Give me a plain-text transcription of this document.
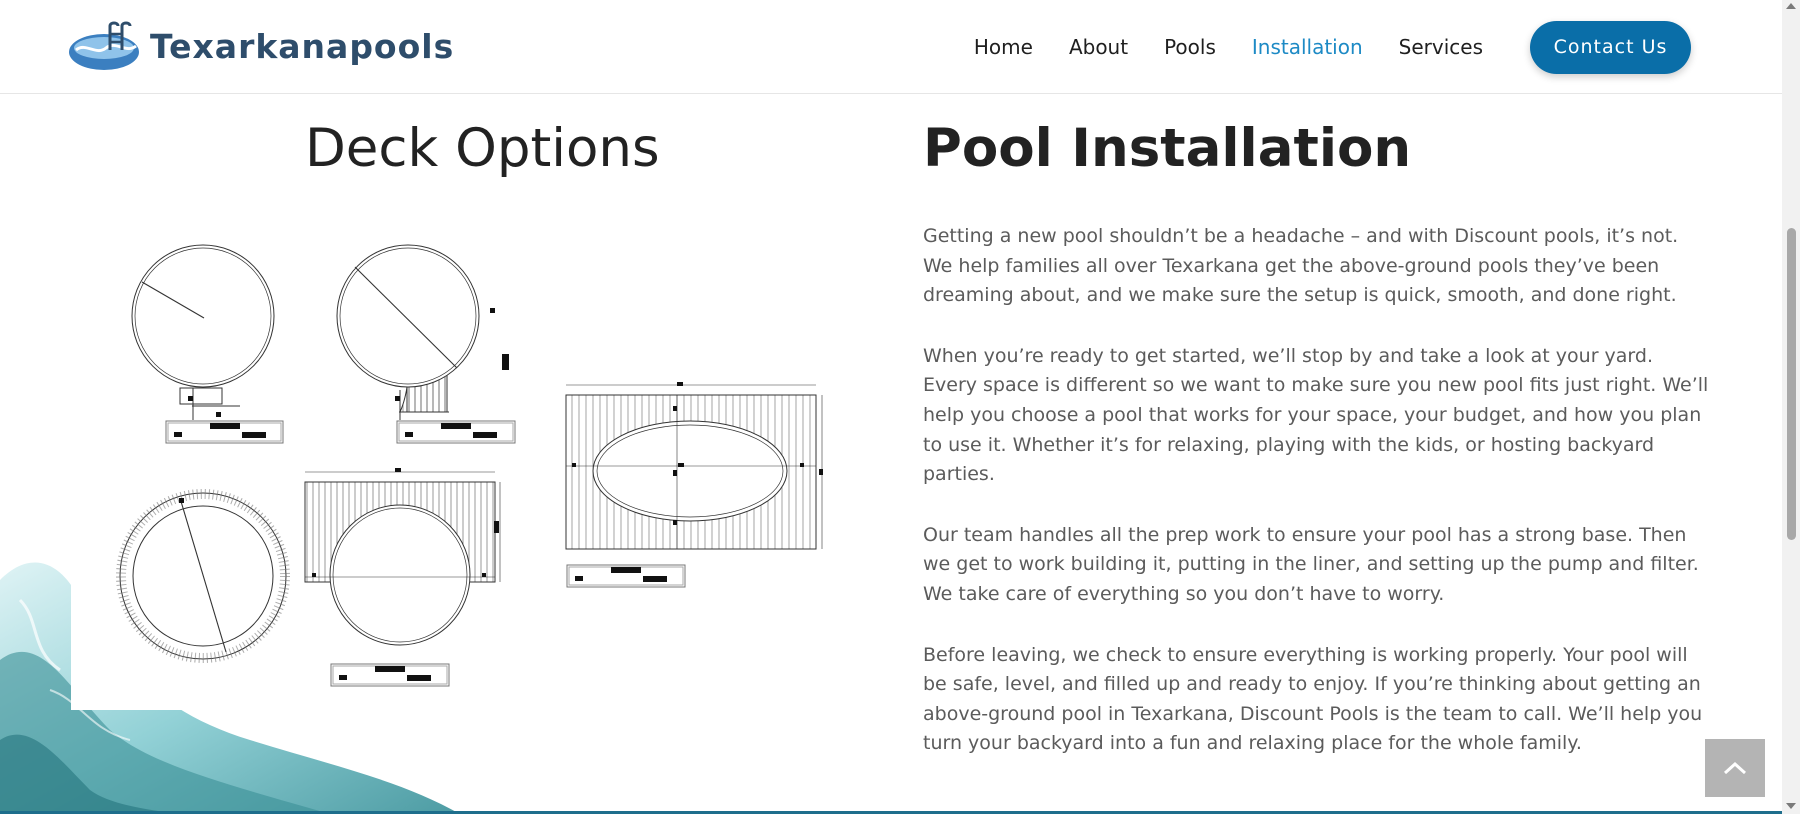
Texarkanapools	Home About Pools Installation Services	Contact Us
Deck Options	Pool Installation

Getting a new pool shouldn’t be a headache – and with Discount pools, it’s not. We help families all over Texarkana get the above-ground pools they’ve been dreaming about, and we make sure the setup is quick, smooth, and done right.

When you’re ready to get started, we’ll stop by and take a look at your yard. Every space is different so we want to make sure you new pool fits just right. We’ll help you choose a pool that works for your space, your budget, and how you plan to use it. Whether it’s for relaxing, playing with the kids, or hosting backyard parties.

Our team handles all the prep work to ensure your pool has a strong base. Then we get to work building it, putting in the liner, and setting up the pump and filter. We take care of everything so you don’t have to worry.

Before leaving, we check to ensure everything is working properly. Your pool will be safe, level, and filled up and ready to enjoy. If you’re thinking about getting an above-ground pool in Texarkana, Discount Pools is the team to call. We’ll help you turn your backyard into a fun and relaxing place for the whole family.
